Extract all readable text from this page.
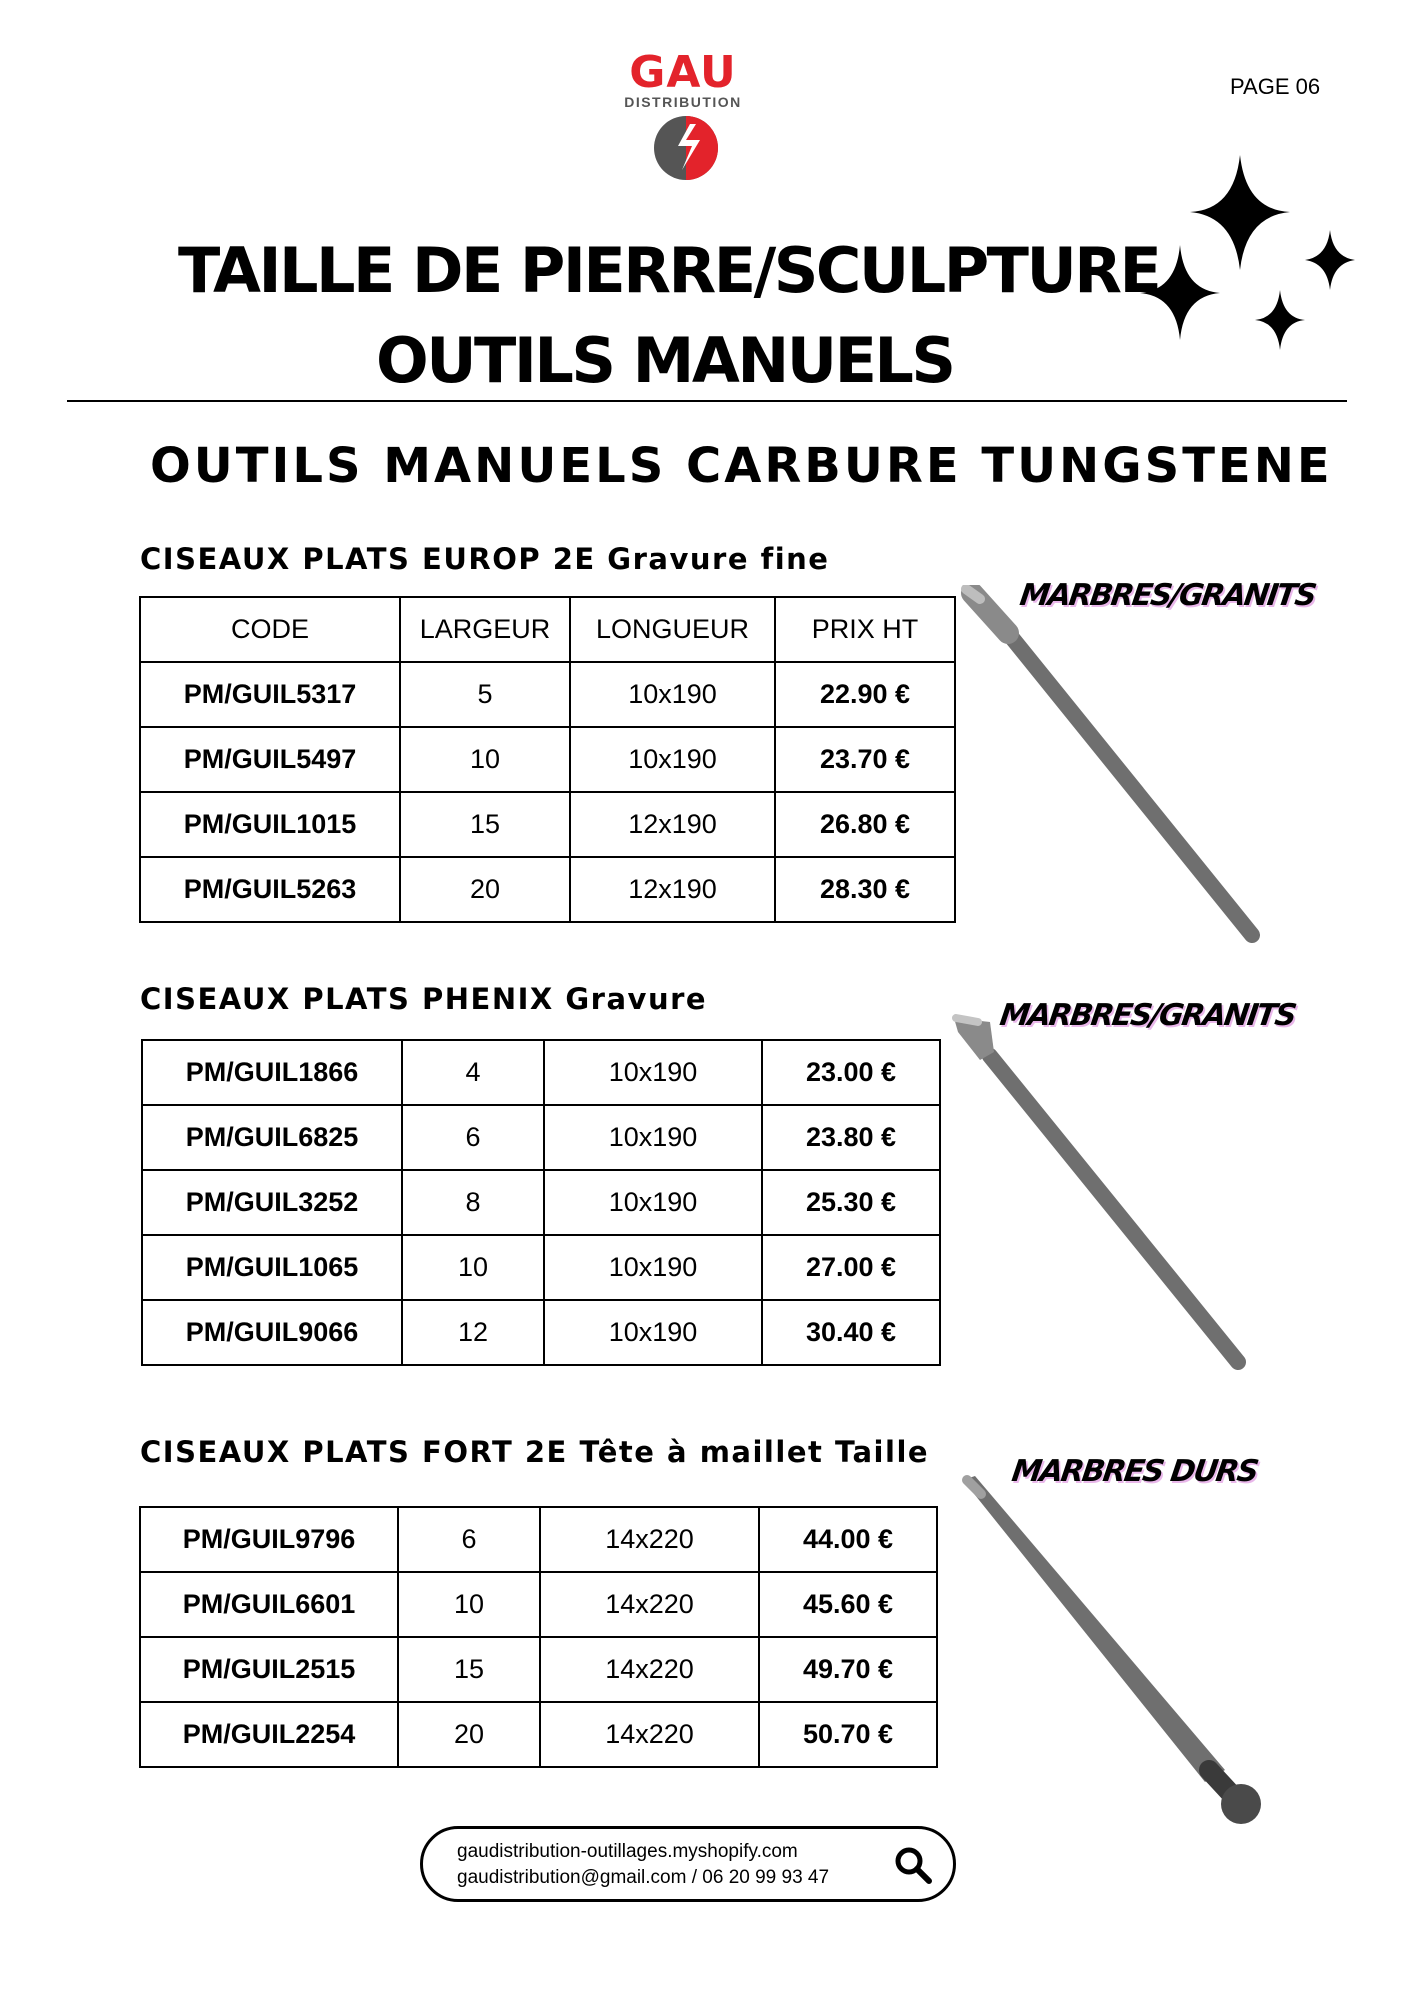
GAU
DISTRIBUTION
PAGE 06
TAILLE DE PIERRE/SCULPTURE
OUTILS MANUELS
OUTILS MANUELS CARBURE TUNGSTENE
CISEAUX PLATS EUROP 2E Gravure fine
MARBRES/GRANITS
CODE	LARGEUR	LONGUEUR	PRIX HT
PM/GUIL5317	5	10x190	22.90 €
PM/GUIL5497	10	10x190	23.70 €
PM/GUIL1015	15	12x190	26.80 €
PM/GUIL5263	20	12x190	28.30 €
CISEAUX PLATS PHENIX Gravure	MARBRES/GRANITS
PM/GUIL1866	4	10x190	23.00 €
PM/GUIL6825	6	10x190	23.80 €
PM/GUIL3252	8	10x190	25.30 €
PM/GUIL1065	10	10x190	27.00 €
PM/GUIL9066	12	10x190	30.40 €
CISEAUX PLATS FORT 2E Tête à maillet Taille
MARBRES DURS
PM/GUIL9796	6	14x220	44.00 €
PM/GUIL6601	10	14x220	45.60 €
PM/GUIL2515	15	14x220	49.70 €
PM/GUIL2254	20	14x220	50.70 €
gaudistribution-outillages.myshopify.com
gaudistribution@gmail.com / 06 20 99 93 47
